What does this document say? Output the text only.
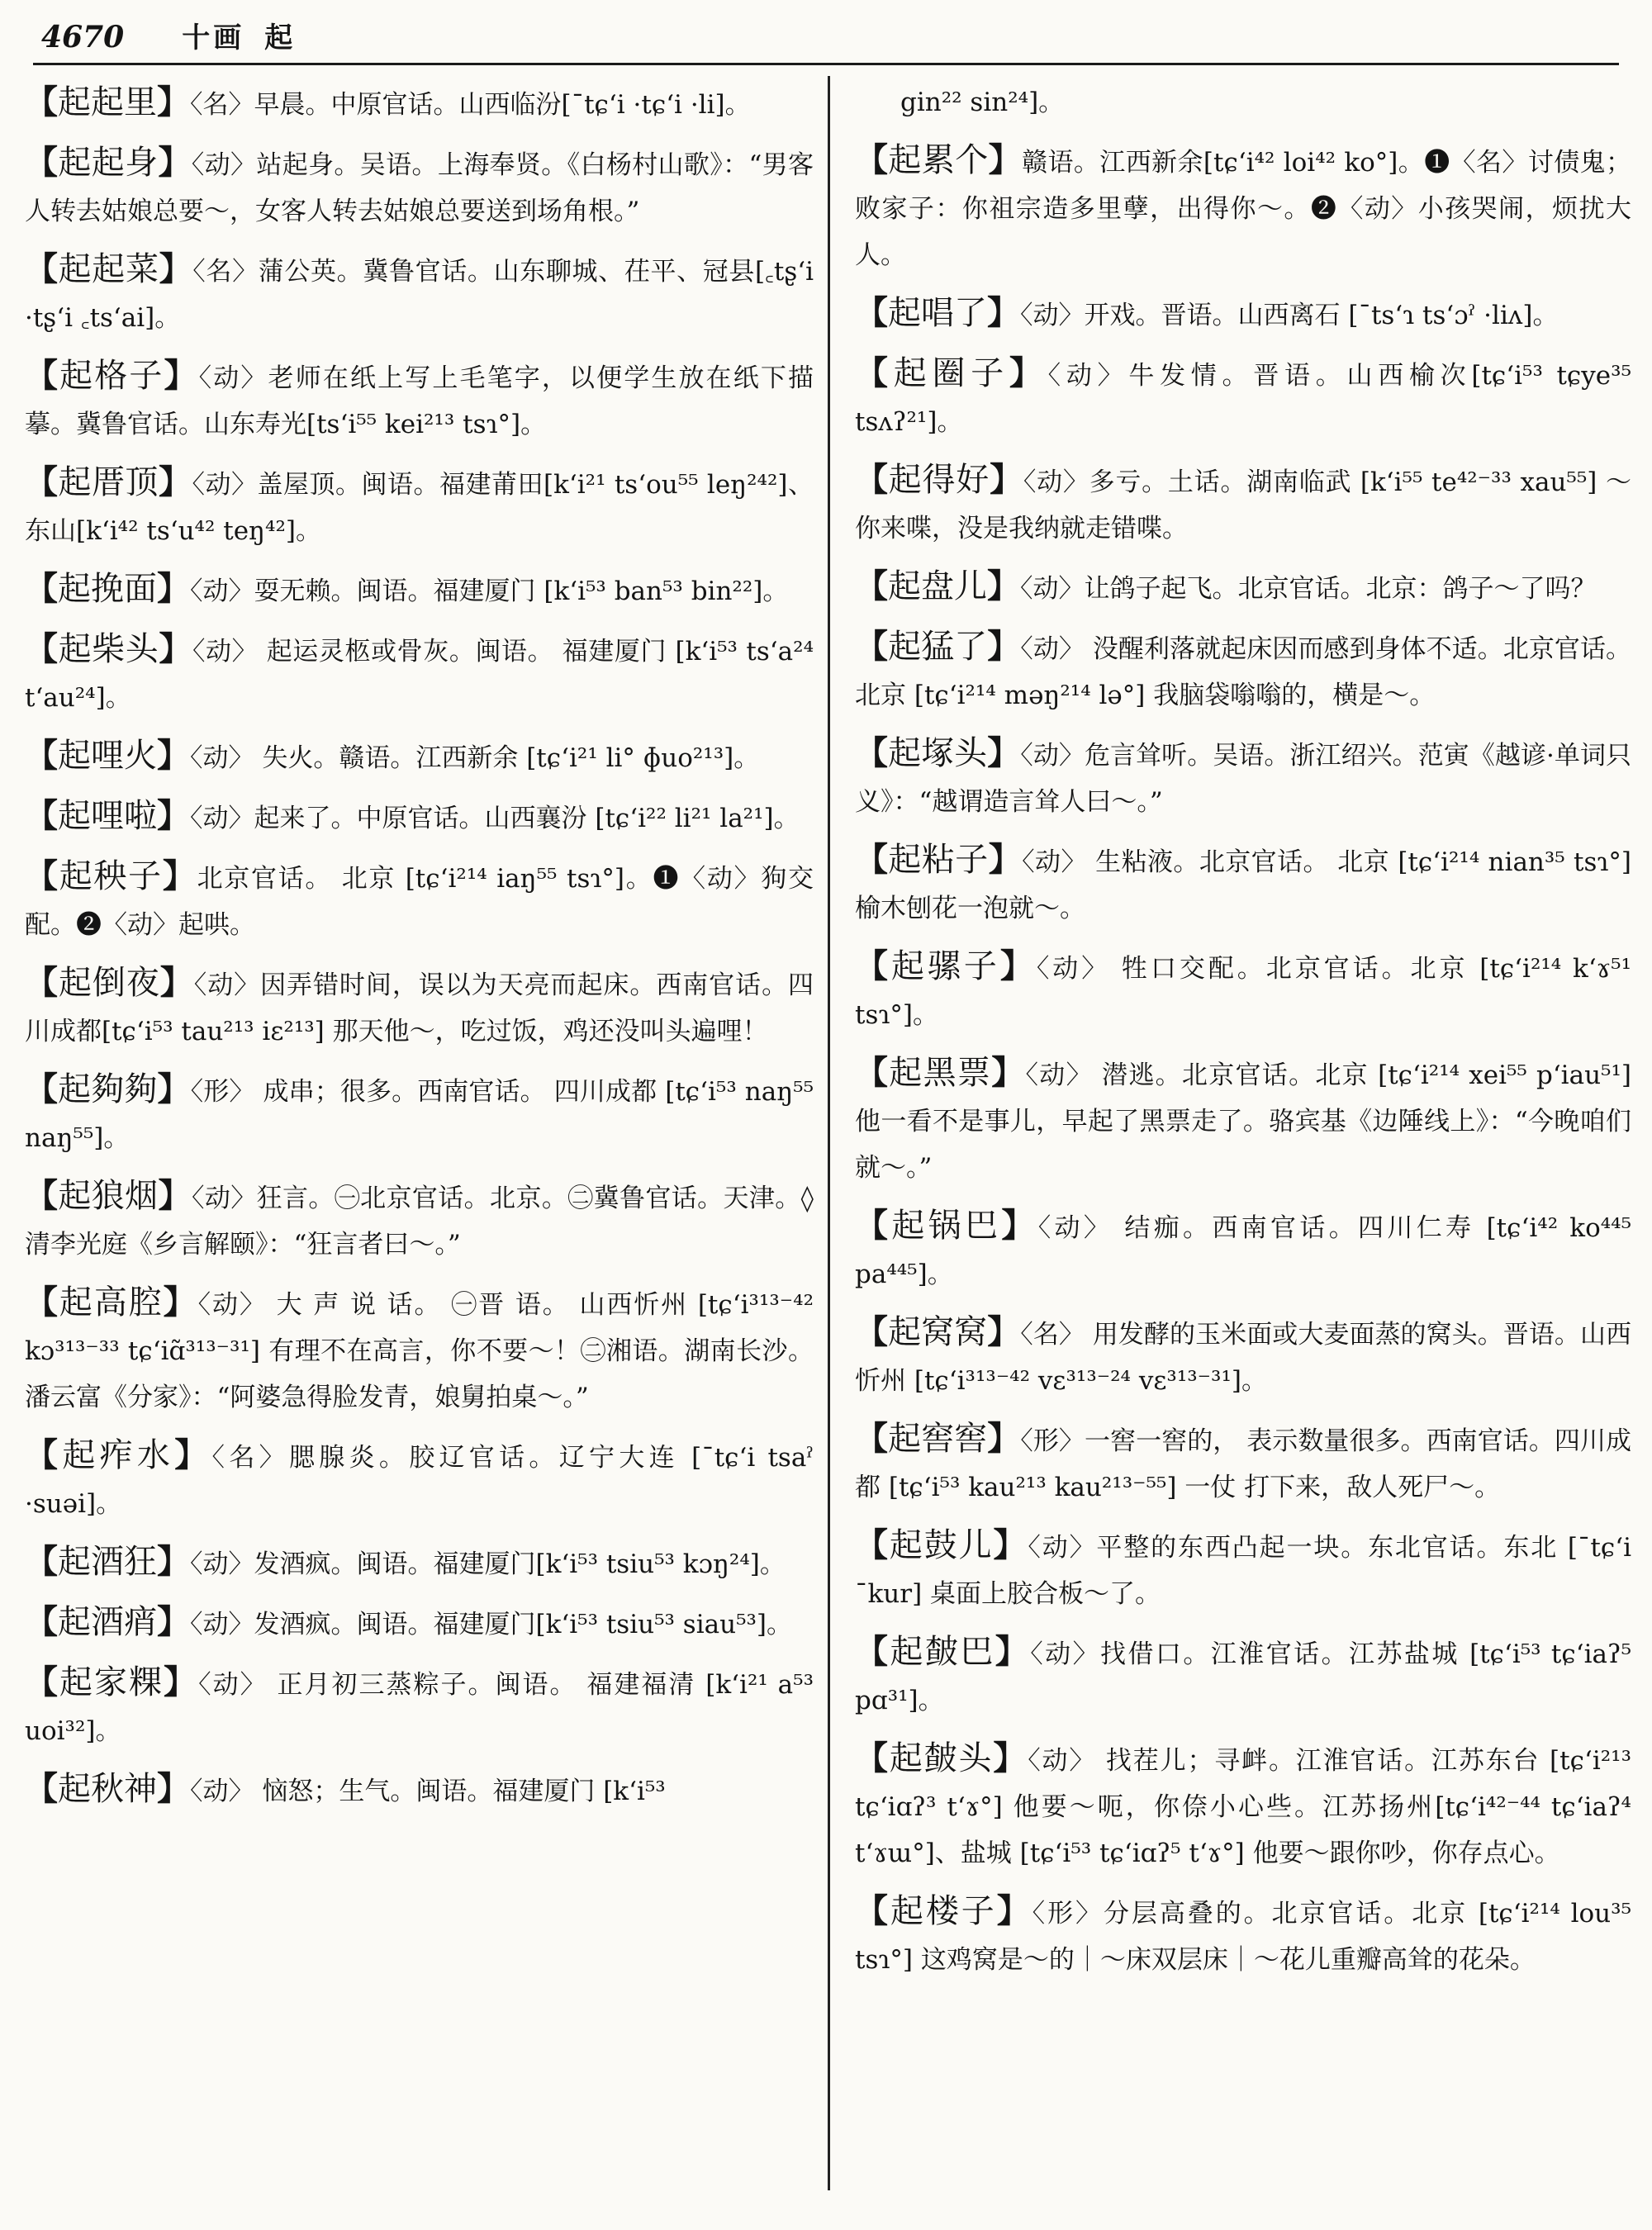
4670 十画 起
【起起里】〈名〉早晨。中原官话。山西临汾[ˉtɕʻi ·tɕʻi ·li]。
【起起身】〈动〉站起身。吴语。上海奉贤。《白杨村山歌》：“男客人转去姑娘总要～，女客人转去姑娘总要送到场角根。”
【起起菜】〈名〉蒲公英。冀鲁官话。山东聊城、茌平、冠县[꜀tʂʻi ·tʂʻi ꜀tsʻai]。
【起格子】〈动〉老师在纸上写上毛笔字，以便学生放在纸下描摹。冀鲁官话。山东寿光[tsʻi⁵⁵ kei²¹³ tsɿ°]。
【起厝顶】〈动〉盖屋顶。闽语。福建莆田[kʻi²¹ tsʻou⁵⁵ leŋ²⁴²]、东山[kʻi⁴² tsʻu⁴² teŋ⁴²]。
【起挽面】〈动〉耍无赖。闽语。福建厦门 [kʻi⁵³ ban⁵³ bin²²]。
【起柴头】〈动〉 起运灵柩或骨灰。闽语。 福建厦门 [kʻi⁵³ tsʻa²⁴ tʻau²⁴]。
【起哩火】〈动〉 失火。赣语。江西新余 [tɕʻi²¹ li° ɸuo²¹³]。
【起哩啦】〈动〉起来了。中原官话。山西襄汾 [tɕʻi²² li²¹ la²¹]。
【起秧子】北京官话。 北京 [tɕʻi²¹⁴ iaŋ⁵⁵ tsɿ°]。❶〈动〉狗交配。❷〈动〉起哄。
【起倒夜】〈动〉因弄错时间，误以为天亮而起床。西南官话。四川成都[tɕʻi⁵³ tau²¹³ iɛ²¹³] 那天他～，吃过饭，鸡还没叫头遍哩！
【起夠夠】〈形〉 成串；很多。西南官话。 四川成都 [tɕʻi⁵³ naŋ⁵⁵ naŋ⁵⁵]。
【起狼烟】〈动〉狂言。㊀北京官话。北京。㊁冀鲁官话。天津。◊ 清李光庭《乡言解颐》：“狂言者曰～。”
【起高腔】〈动〉 大 声 说 话。 ㊀晋 语。 山西忻州 [tɕʻi³¹³⁻⁴² kɔ³¹³⁻³³ tɕʻiɑ̃³¹³⁻³¹] 有理不在高言，你不要～！㊁湘语。湖南长沙。 潘云富《分家》：“阿婆急得脸发青，娘舅拍桌～。”
【起痄水】〈名〉腮腺炎。胶辽官话。辽宁大连 [ˉtɕʻi tsaˀ ·suəi]。
【起酒狂】〈动〉发酒疯。闽语。福建厦门[kʻi⁵³ tsiu⁵³ kɔŋ²⁴]。
【起酒痟】〈动〉发酒疯。闽语。福建厦门[kʻi⁵³ tsiu⁵³ siau⁵³]。
【起家粿】〈动〉 正月初三蒸粽子。闽语。 福建福清 [kʻi²¹ a⁵³ uoi³²]。
【起秋神】〈动〉 恼怒；生气。闽语。福建厦门 [kʻi⁵³
gin²² sin²⁴]。
【起累个】赣语。江西新余[tɕʻi⁴² loi⁴² ko°]。❶〈名〉讨债鬼；败家子：你祖宗造多里孽，出得你～。❷〈动〉小孩哭闹，烦扰大人。
【起唱了】〈动〉开戏。晋语。山西离石 [ˉtsʻɿ tsʻɔˀ ·liʌ]。
【起圈子】〈动〉牛发情。晋语。山西榆次[tɕʻi⁵³ tɕye³⁵ tsʌʔ²¹]。
【起得好】〈动〉多亏。土话。湖南临武 [kʻi⁵⁵ te⁴²⁻³³ xau⁵⁵] ～你来喋，没是我纳就走错喋。
【起盘儿】〈动〉让鸽子起飞。北京官话。北京：鸽子～了吗？
【起猛了】〈动〉 没醒利落就起床因而感到身体不适。北京官话。北京 [tɕʻi²¹⁴ məŋ²¹⁴ lə°] 我脑袋嗡嗡的，横是～。
【起塚头】〈动〉危言耸听。吴语。浙江绍兴。范寅《越谚·单词只义》：“越谓造言耸人曰～。”
【起粘子】〈动〉 生粘液。北京官话。 北京 [tɕʻi²¹⁴ nian³⁵ tsɿ°] 榆木刨花一泡就～。
【起骡子】〈动〉 牲口交配。北京官话。北京 [tɕʻi²¹⁴ kʻɤ⁵¹ tsɿ°]。
【起黑票】〈动〉 潜逃。北京官话。北京 [tɕʻi²¹⁴ xei⁵⁵ pʻiau⁵¹] 他一看不是事儿，早起了黑票走了。骆宾基《边陲线上》：“今晚咱们就～。”
【起锅巴】〈动〉 结痂。西南官话。四川仁寿 [tɕʻi⁴² ko⁴⁴⁵ pa⁴⁴⁵]。
【起窝窝】〈名〉 用发酵的玉米面或大麦面蒸的窝头。晋语。山西忻州 [tɕʻi³¹³⁻⁴² vɛ³¹³⁻²⁴ vɛ³¹³⁻³¹]。
【起窖窖】〈形〉一窖一窖的， 表示数量很多。西南官话。四川成都 [tɕʻi⁵³ kau²¹³ kau²¹³⁻⁵⁵] 一仗 打下来，敌人死尸～。
【起鼓儿】〈动〉平整的东西凸起一块。东北官话。东北 [ˉtɕʻi ˉkur] 桌面上胶合板～了。
【起皶巴】〈动〉找借口。江淮官话。江苏盐城 [tɕʻi⁵³ tɕʻiaʔ⁵ pɑ³¹]。
【起皶头】〈动〉 找茬儿；寻衅。江淮官话。江苏东台 [tɕʻi²¹³ tɕʻiɑʔ³ tʻɤ°] 他要～呃，你倷小心些。江苏扬州[tɕʻi⁴²⁻⁴⁴ tɕʻiaʔ⁴ tʻɤɯ°]、盐城 [tɕʻi⁵³ tɕʻiɑʔ⁵ tʻɤ°] 他要～跟你吵，你存点心。
【起楼子】〈形〉分层高叠的。北京官话。北京 [tɕʻi²¹⁴ lou³⁵ tsɿ°] 这鸡窝是～的｜～床双层床｜～花儿重瓣高耸的花朵。
